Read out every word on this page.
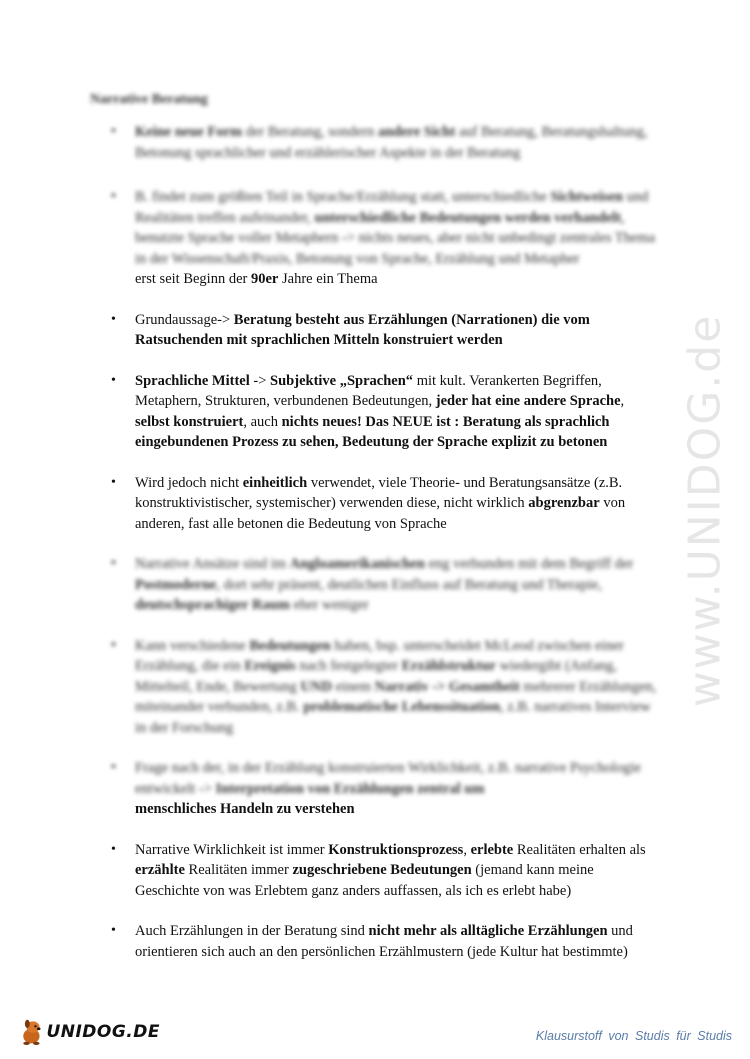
Narrative Beratung
• Keine neue Form der Beratung, sondern andere Sicht auf Beratung, Beratungshaltung, Betonung sprachlicher und erzählerischer Aspekte in der Beratung
• B. findet zum größten Teil in Sprache/Erzählung statt, unterschiedliche Sichtweisen und Realitäten treffen aufeinander, unterschiedliche Bedeutungen werden verhandelt, benutzte Sprache voller Metaphern -> nichts neues, aber nicht unbedingt zentrales Thema in der Wissenschaft/Praxis, Betonung von Sprache, Erzählung und Metapher
erst seit Beginn der 90er Jahre ein Thema
• Grundaussage-> Beratung besteht aus Erzählungen (Narrationen) die vom Ratsuchenden mit sprachlichen Mitteln konstruiert werden
• Sprachliche Mittel -> Subjektive „Sprachen“ mit kult. Verankerten Begriffen, Metaphern, Strukturen, verbundenen Bedeutungen, jeder hat eine andere Sprache, selbst konstruiert, auch nichts neues! Das NEUE ist : Beratung als sprachlich eingebundenen Prozess zu sehen, Bedeutung der Sprache explizit zu betonen
• Wird jedoch nicht einheitlich verwendet, viele Theorie- und Beratungsansätze (z.B. konstruktivistischer, systemischer) verwenden diese, nicht wirklich abgrenzbar von anderen, fast alle betonen die Bedeutung von Sprache
• Narrative Ansätze sind im Angloamerikanischen eng verbunden mit dem Begriff der Postmoderne, dort sehr präsent, deutlichen Einfluss auf Beratung und Therapie, deutschsprachiger Raum eher weniger
• Kann verschiedene Bedeutungen haben, bsp. unterscheidet McLeod zwischen einer Erzählung, die ein Ereignis nach festgelegter Erzählstruktur wiedergibt (Anfang, Mittelteil, Ende, Bewertung UND einem Narrativ -> Gesamtheit mehrerer Erzählungen, miteinander verbunden, z.B. problematische Lebenssituation, z.B. narratives Interview in der Forschung
• Frage nach der, in der Erzählung konstruierten Wirklichkeit, z.B. narrative Psychologie entwickelt -> Interpretation von Erzählungen zentral um
menschliches Handeln zu verstehen
• Narrative Wirklichkeit ist immer Konstruktionsprozess, erlebte Realitäten erhalten als erzählte Realitäten immer zugeschriebene Bedeutungen (jemand kann meine Geschichte von was Erlebtem ganz anders auffassen, als ich es erlebt habe)
• Auch Erzählungen in der Beratung sind nicht mehr als alltägliche Erzählungen und orientieren sich auch an den persönlichen Erzählmustern (jede Kultur hat bestimmte)
www.UNIDOG.de
UNIDOG.DE	Klausurstoff von Studis für Studis
